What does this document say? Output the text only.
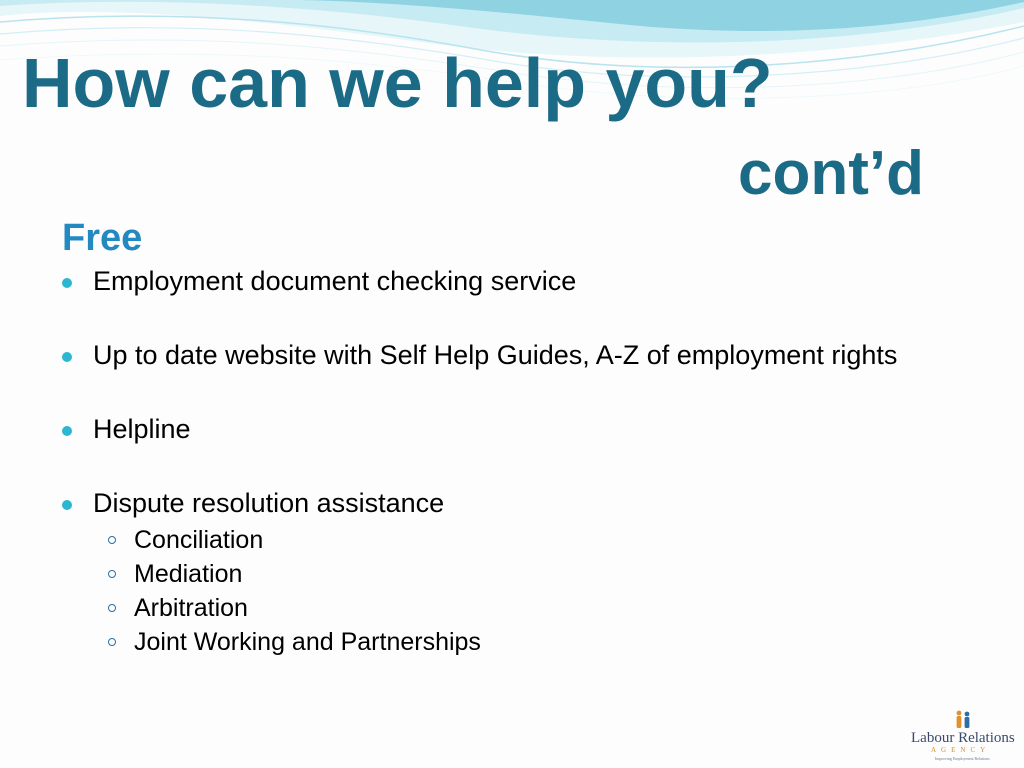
How can we help you?
cont’d
Free
Employment document checking service
Up to date website with Self Help Guides, A-Z of employment rights
Helpline
Dispute resolution assistance
Conciliation
Mediation
Arbitration
Joint Working and Partnerships
Labour Relations
AGENCY
Improving Employment Relations
